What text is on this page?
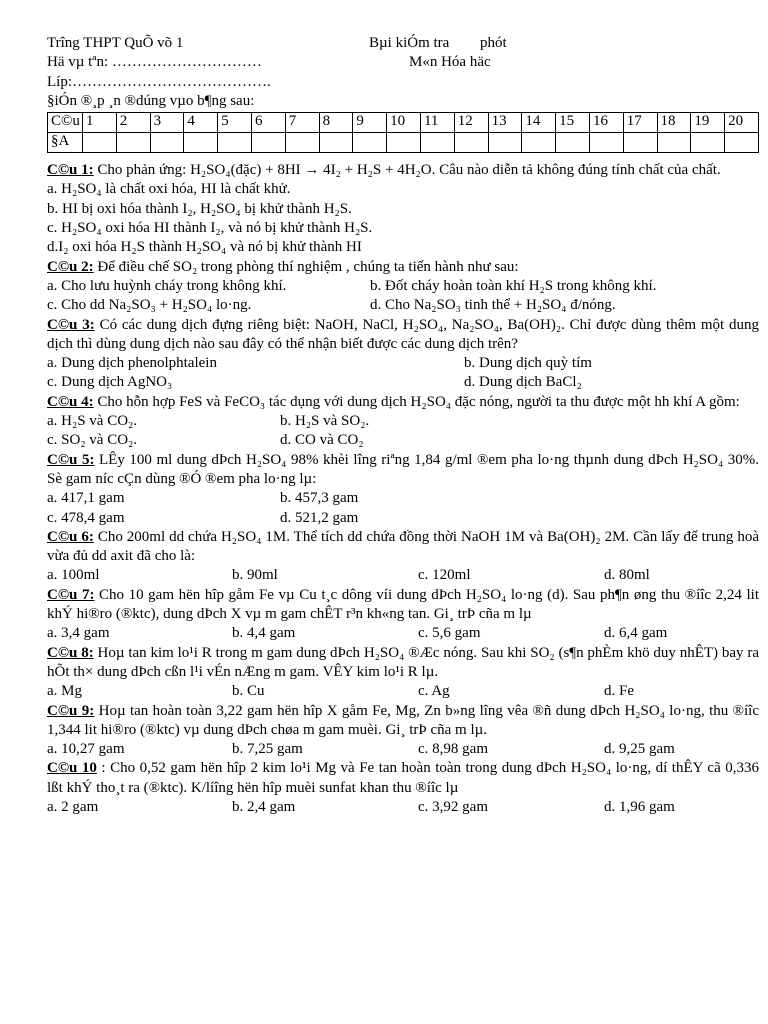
Trîng THPT QuÕ võ 1	Bµi kiÓm tra phót
Hä vµ tªn: …………………………	M«n Hóa häc
Líp:………………………………….
§iÓn ®¸p ¸n ®dúng vµo b¶ng sau:
C©u	1	2	3	4	5	6	7	8	9	10	11	12	13	14	15	16	17	18	19	20
§A																				
C©u 1: Cho phản ứng: H₂SO₄(đặc) + 8HI → 4I₂ + H₂S + 4H₂O. Câu nào diễn tả không đúng tính chất của chất.
a. H₂SO₄ là chất oxi hóa, HI là chất khử.
b. HI bị oxi hóa thành I₂, H₂SO₄ bị khử thành H₂S.
c. H₂SO₄ oxi hóa HI thành I₂, và nó bị khử thành H₂S.
d.I₂ oxi hóa H₂S thành H₂SO₄ và nó bị khử thành HI
C©u 2: Để điều chế SO₂ trong phòng thí nghiệm , chúng ta tiến hành như sau:
a. Cho lưu huỳnh cháy trong không khí.	b. Đốt cháy hoàn toàn khí H₂S trong không khí.
c. Cho dd Na₂SO₃ + H₂SO₄ lo·ng.	d. Cho Na₂SO₃ tinh thể + H₂SO₄ đ/nóng.
C©u 3: Có các dung dịch đựng riêng biệt: NaOH, NaCl, H₂SO₄, Na₂SO₄, Ba(OH)₂. Chỉ được dùng thêm một dung dịch thì dùng dung dịch nào sau đây có thể nhận biết được các dung dịch trên?
a. Dung dịch phenolphtalein	b. Dung dịch quỳ tím
c. Dung dịch AgNO₃	d. Dung dịch BaCl₂
C©u 4: Cho hỗn hợp FeS và FeCO₃ tác dụng với dung dịch H₂SO₄ đặc nóng, người ta thu được một hh khí A gồm:
a. H₂S và CO₂.	b. H₂S và SO₂.
c. SO₂ và CO₂.	d. CO và CO₂
C©u 5: LÊy 100 ml dung dÞch H₂SO₄ 98% khèi lîng riªng 1,84 g/ml ®em pha lo·ng thµnh dung dÞch H₂SO₄ 30%. Sè gam níc cÇn dùng ®Ó ®em pha lo·ng lµ:
a. 417,1 gam	b. 457,3 gam
c. 478,4 gam	d. 521,2 gam
C©u 6: Cho 200ml dd chứa H₂SO₄ 1M. Thể tích dd chứa đồng thời NaOH 1M và Ba(OH)₂ 2M. Cần lấy để trung hoà vừa đủ dd axit đã cho là:
a. 100ml	b. 90ml	c. 120ml	d. 80ml
C©u 7: Cho 10 gam hën hîp gåm Fe vµ Cu t¸c dông víi dung dÞch H₂SO₄ lo·ng (d). Sau ph¶n øng thu ®íîc 2,24 lit khÝ hi®ro (®ktc), dung dÞch X vµ m gam chÊT r³n kh«ng tan. Gi¸ trÞ cña m lµ
a. 3,4 gam	b. 4,4 gam	c. 5,6 gam	d. 6,4 gam
C©u 8: Hoµ tan kim lo¹i R trong m gam dung dÞch H₂SO₄ ®Æc nóng. Sau khi SO₂ (s¶n phÈm khö duy nhÊT) bay ra hÕt th× dung dÞch cßn l¹i vÉn nÆng m gam. VÊY kim lo¹i R lµ.
a. Mg	b. Cu	c. Ag	d. Fe
C©u 9: Hoµ tan hoàn toàn 3,22 gam hën hîp X gåm Fe, Mg, Zn b»ng lîng vêa ®ñ dung dÞch H₂SO₄ lo·ng, thu ®íîc 1,344 lit hi®ro (®ktc) vµ dung dÞch chøa m gam muèi. Gi¸ trÞ cña m lµ.
a. 10,27 gam	b. 7,25 gam	c. 8,98 gam	d. 9,25 gam
C©u 10 : Cho 0,52 gam hën hîp 2 kim lo¹i Mg và Fe tan hoàn toàn trong dung dÞch H₂SO₄ lo·ng, dí thÊY cã 0,336 lßt khÝ tho¸t ra (®ktc). K/líîng hën hîp muèi sunfat khan thu ®íîc lµ
a. 2 gam	b. 2,4 gam	c. 3,92 gam	d. 1,96 gam
